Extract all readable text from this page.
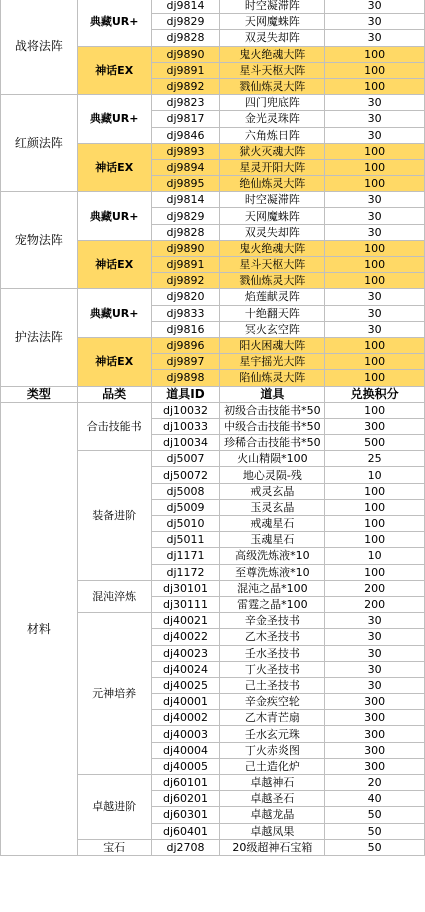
战将法阵	典藏UR+	dj9814	时空凝滞阵	30
		dj9829	天网魔蛛阵	30
		dj9828	双灵失却阵	30
	神话EX	dj9890	鬼火绝魂大阵	100
		dj9891	星斗天枢大阵	100
		dj9892	戮仙炼灵大阵	100
红颜法阵	典藏UR+	dj9823	四门兜底阵	30
		dj9817	金光灵珠阵	30
		dj9846	六角炼日阵	30
	神话EX	dj9893	狱火灭魂大阵	100
		dj9894	星灵开阳大阵	100
		dj9895	绝仙炼灵大阵	100
宠物法阵	典藏UR+	dj9814	时空凝滞阵	30
		dj9829	天网魔蛛阵	30
		dj9828	双灵失却阵	30
	神话EX	dj9890	鬼火绝魂大阵	100
		dj9891	星斗天枢大阵	100
		dj9892	戮仙炼灵大阵	100
护法法阵	典藏UR+	dj9820	焰莲献灵阵	30
		dj9833	十绝翻天阵	30
		dj9816	冥火玄空阵	30
	神话EX	dj9896	阳火困魂大阵	100
		dj9897	星宇摇光大阵	100
		dj9898	陷仙炼灵大阵	100
类型	品类	道具ID	道具	兑换积分
材料	合击技能书	dj10032	初级合击技能书*50	100
		dj10033	中级合击技能书*50	300
		dj10034	珍稀合击技能书*50	500
	装备进阶	dj5007	火山精陨*100	25
		dj50072	地心灵陨-残	10
		dj5008	戒灵玄晶	100
		dj5009	玉灵玄晶	100
		dj5010	戒魂星石	100
		dj5011	玉魂星石	100
		dj1171	高级洗炼液*10	10
		dj1172	至尊洗炼液*10	100
	混沌淬炼	dj30101	混沌之晶*100	200
		dj30111	雷霆之晶*100	200
	元神培养	dj40021	辛金圣技书	30
		dj40022	乙木圣技书	30
		dj40023	壬水圣技书	30
		dj40024	丁火圣技书	30
		dj40025	己土圣技书	30
		dj40001	辛金疾空轮	300
		dj40002	乙木青芒扇	300
		dj40003	壬水玄元珠	300
		dj40004	丁火赤炎图	300
		dj40005	己土造化炉	300
	卓越进阶	dj60101	卓越神石	20
		dj60201	卓越圣石	40
		dj60301	卓越龙晶	50
		dj60401	卓越凤果	50
	宝石	dj2708	20级超神石宝箱	50
